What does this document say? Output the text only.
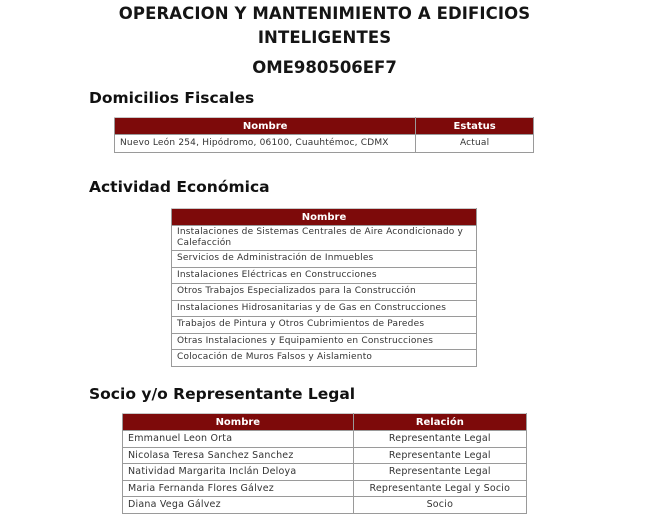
OPERACION Y MANTENIMIENTO A EDIFICIOS
INTELIGENTES
OME980506EF7
Domicilios Fiscales
Nombre	Estatus
Nuevo León 254, Hipódromo, 06100, Cuauhtémoc, CDMX	Actual
Actividad Económica
Nombre
Instalaciones de Sistemas Centrales de Aire Acondicionado y Calefacción
Servicios de Administración de Inmuebles
Instalaciones Eléctricas en Construcciones
Otros Trabajos Especializados para la Construcción
Instalaciones Hidrosanitarias y de Gas en Construcciones
Trabajos de Pintura y Otros Cubrimientos de Paredes
Otras Instalaciones y Equipamiento en Construcciones
Colocación de Muros Falsos y Aislamiento
Socio y/o Representante Legal
Nombre	Relación
Emmanuel Leon Orta	Representante Legal
Nicolasa Teresa Sanchez Sanchez	Representante Legal
Natividad Margarita Inclán Deloya	Representante Legal
Maria Fernanda Flores Gálvez	Representante Legal y Socio
Diana Vega Gálvez	Socio
